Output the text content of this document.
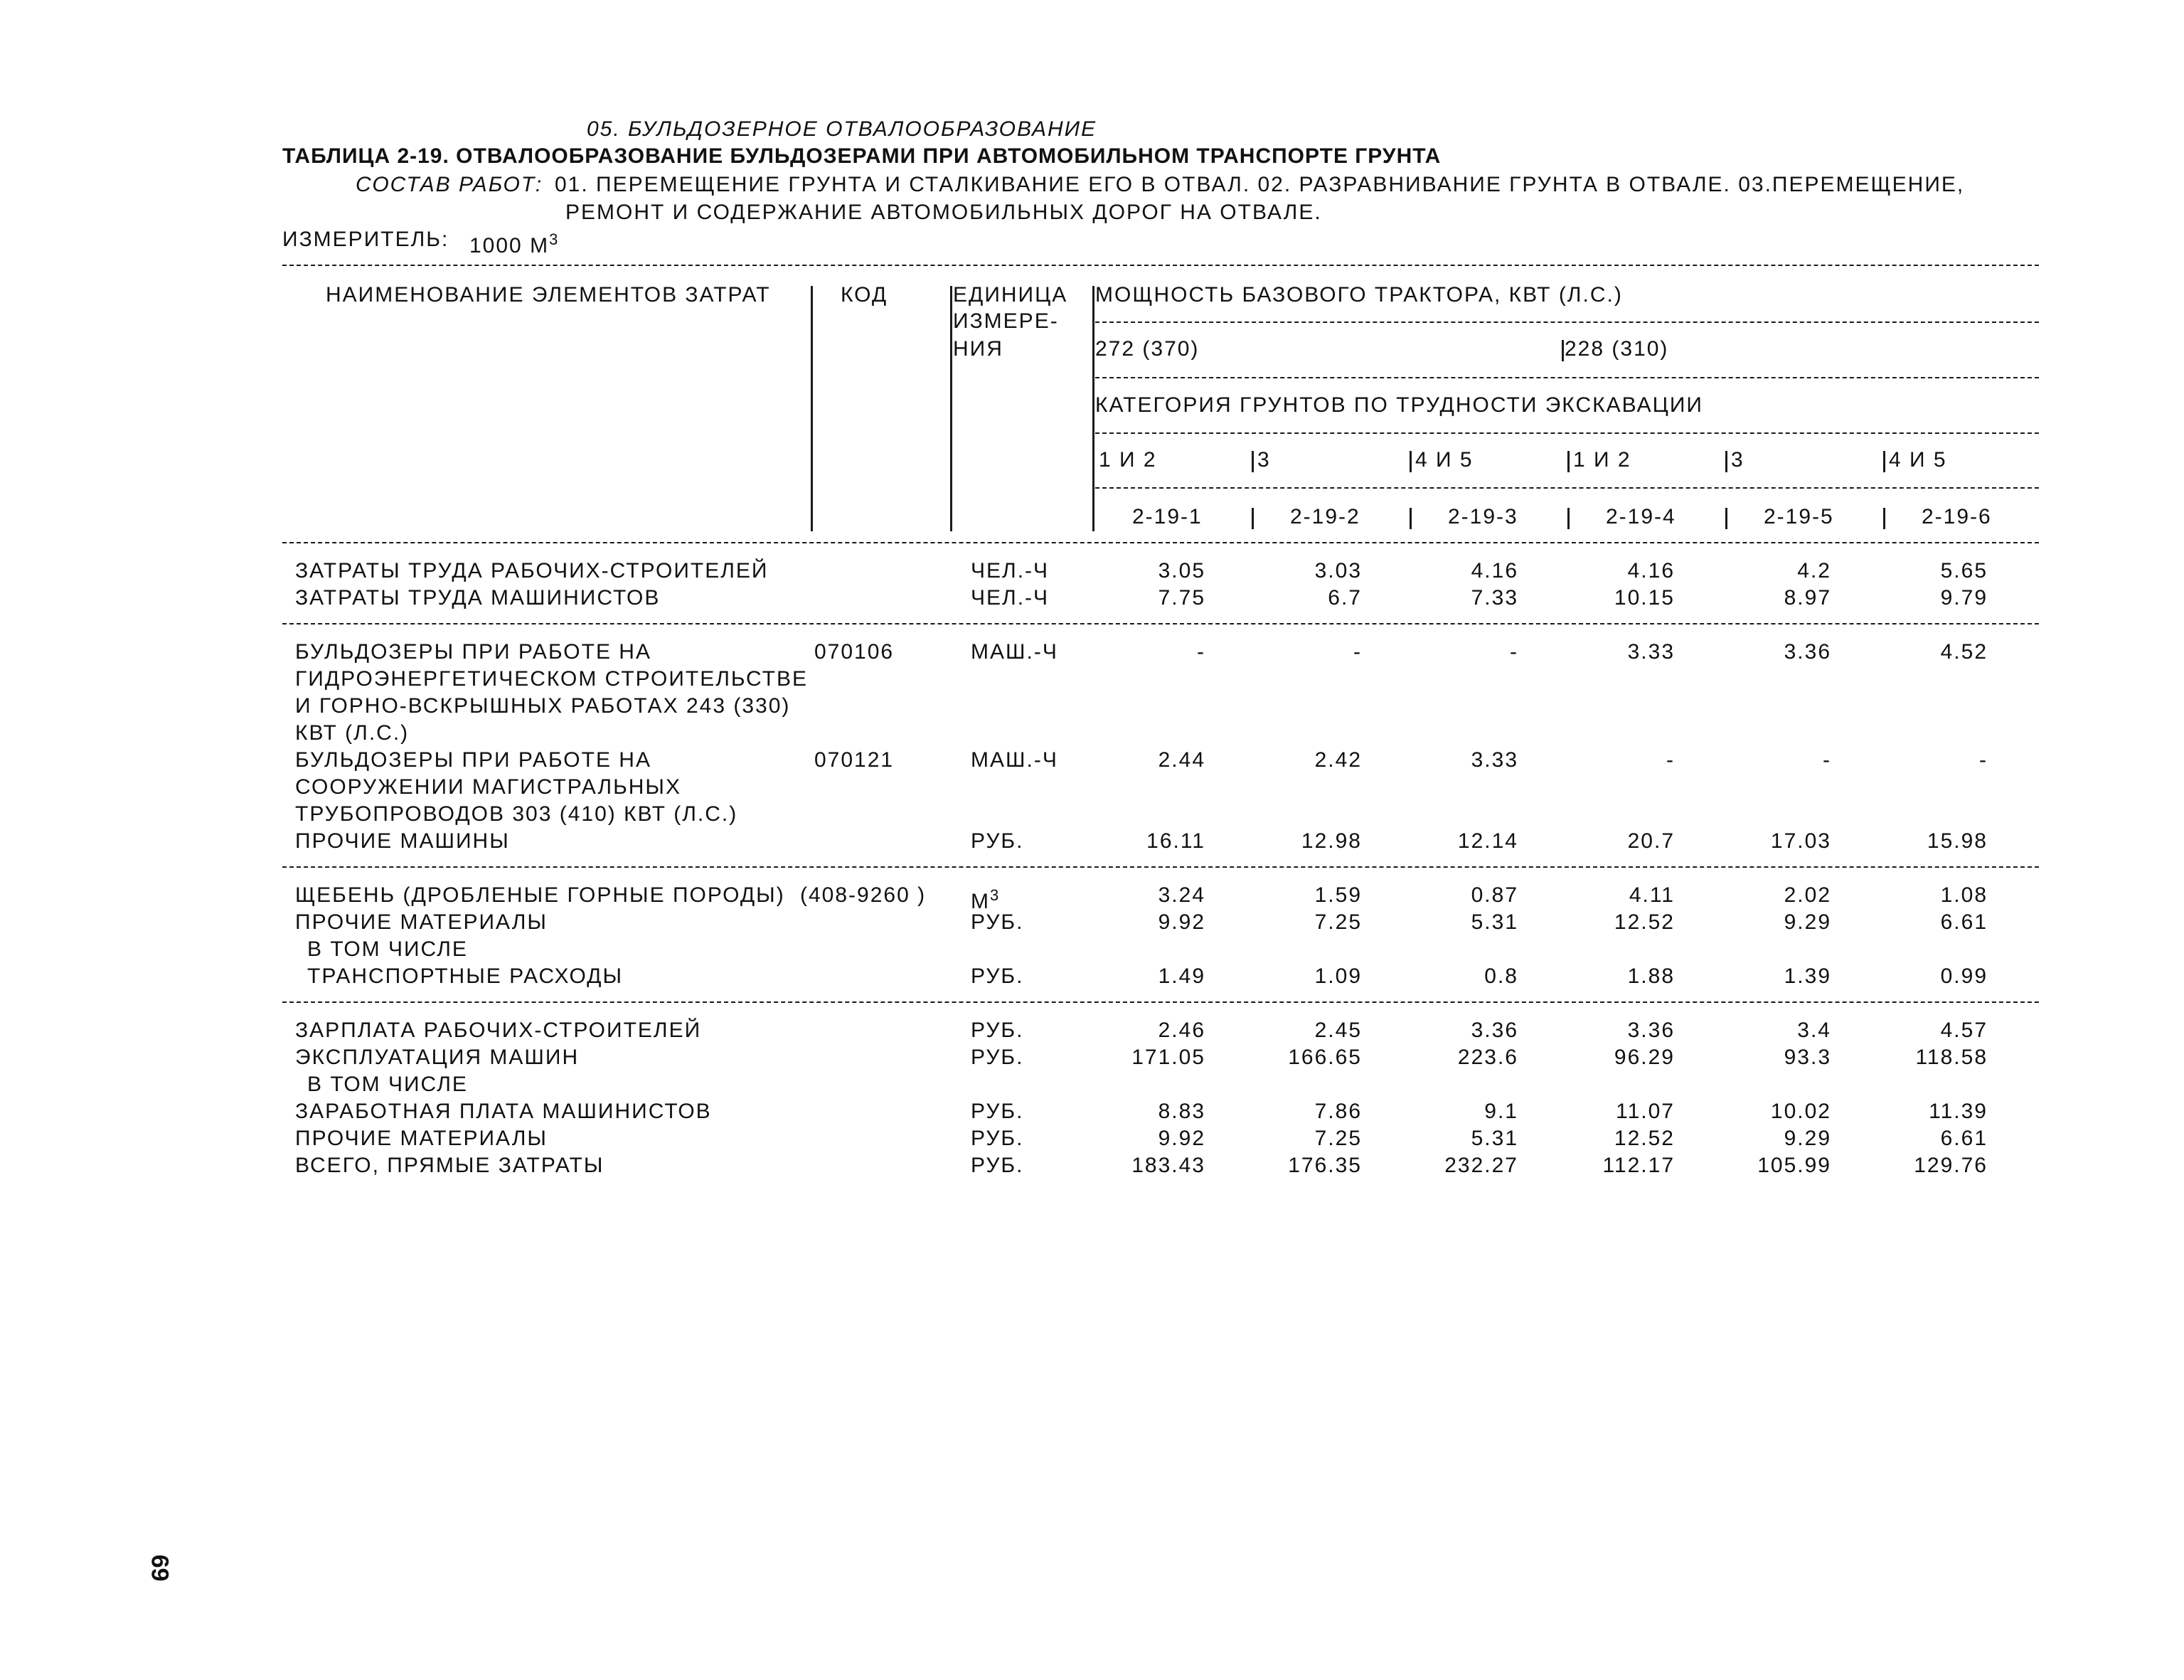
05. БУЛЬДОЗЕРНОЕ ОТВАЛООБРАЗОВАНИЕ
ТАБЛИЦА 2-19. ОТВАЛООБРАЗОВАНИЕ БУЛЬДОЗЕРАМИ ПРИ АВТОМОБИЛЬНОМ ТРАНСПОРТЕ ГРУНТА
СОСТАВ РАБОТ: 01. ПЕРЕМЕЩЕНИЕ ГРУНТА И СТАЛКИВАНИЕ ЕГО В ОТВАЛ. 02. РАЗРАВНИВАНИЕ ГРУНТА В ОТВАЛЕ. 03.ПЕРЕМЕЩЕНИЕ,
РЕМОНТ И СОДЕРЖАНИЕ АВТОМОБИЛЬНЫХ ДОРОГ НА ОТВАЛЕ.
ИЗМЕРИТЕЛЬ: 1000 $М^3$
НАИМЕНОВАНИЕ ЭЛЕМЕНТОВ ЗАТРАТ	КОД	ЕДИНИЦА
ИЗМЕРЕ-
НИЯ
МОЩНОСТЬ БАЗОВОГО ТРАКТОРА, КВТ (Л.С.)
272 (370)	228 (310)
КАТЕГОРИЯ ГРУНТОВ ПО ТРУДНОСТИ ЭКСКАВАЦИИ
1 И 2	3	4 И 5	1 И 2	3	4 И 5
2-19-1	2-19-2	2-19-3	2-19-4	2-19-5	2-19-6
ЗАТРАТЫ ТРУДА РАБОЧИХ-СТРОИТЕЛЕЙ	ЧЕЛ.-Ч	3.05	3.03	4.16	4.16	4.2	5.65
ЗАТРАТЫ ТРУДА МАШИНИСТОВ	ЧЕЛ.-Ч	7.75	6.7	7.33	10.15	8.97	9.79
БУЛЬДОЗЕРЫ ПРИ РАБОТЕ НА
ГИДРОЭНЕРГЕТИЧЕСКОМ СТРОИТЕЛЬСТВЕ
И ГОРНО-ВСКРЫШНЫХ РАБОТАХ 243 (330)
КВТ (Л.С.)
070106	МАШ.-Ч	-	-	-	3.33	3.36	4.52
БУЛЬДОЗЕРЫ ПРИ РАБОТЕ НА
СООРУЖЕНИИ МАГИСТРАЛЬНЫХ
ТРУБОПРОВОДОВ 303 (410) КВТ (Л.С.)
070121	МАШ.-Ч	2.44	2.42	3.33	-	-	-
ПРОЧИЕ МАШИНЫ	РУБ.	16.11	12.98	12.14	20.7	17.03	15.98
ЩЕБЕНЬ (ДРОБЛЕНЫЕ ГОРНЫЕ ПОРОДЫ) (408-9260 ) $М^3$	3.24	1.59	0.87	4.11	2.02	1.08
ПРОЧИЕ МАТЕРИАЛЫ	РУБ.	9.92	7.25	5.31	12.52	9.29	6.61
В ТОМ ЧИСЛЕ
ТРАНСПОРТНЫЕ РАСХОДЫ	РУБ.	1.49	1.09	0.8	1.88	1.39	0.99
ЗАРПЛАТА РАБОЧИХ-СТРОИТЕЛЕЙ	РУБ.	2.46	2.45	3.36	3.36	3.4	4.57
ЭКСПЛУАТАЦИЯ МАШИН	РУБ.	171.05	166.65	223.6	96.29	93.3	118.58
В ТОМ ЧИСЛЕ
ЗАРАБОТНАЯ ПЛАТА МАШИНИСТОВ	РУБ.	8.83	7.86	9.1	11.07	10.02	11.39
ПРОЧИЕ МАТЕРИАЛЫ	РУБ.	9.92	7.25	5.31	12.52	9.29	6.61
ВСЕГО, ПРЯМЫЕ ЗАТРАТЫ	РУБ.	183.43	176.35	232.27	112.17	105.99	129.76
69
